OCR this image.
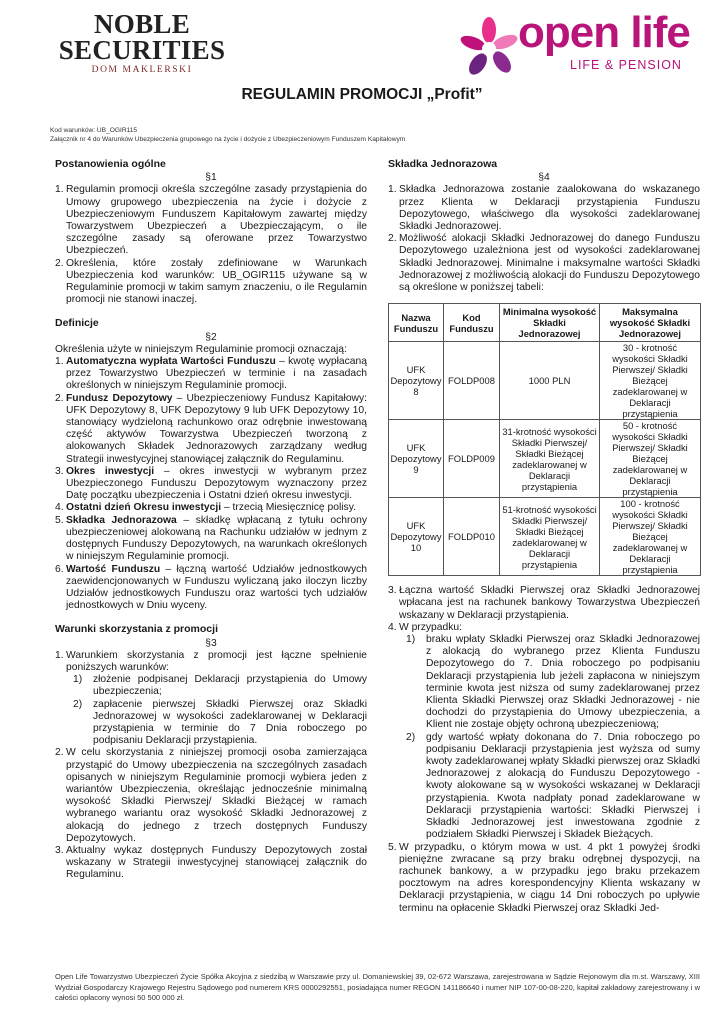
NOBLE
SECURITIES
DOM MAKLERSKI
open life
LIFE & PENSION
REGULAMIN PROMOCJI „Profit”
Kod warunków: UB_OGIR115
Załącznik nr 4 do Warunków Ubezpieczenia grupowego na życie i dożycie z Ubezpieczeniowym Funduszem Kapitałowym
Postanowienia ogólne
§1
1. Regulamin promocji określa szczególne zasady przystąpienia do Umowy grupowego ubezpieczenia na życie i dożycie z Ubezpieczeniowym Funduszem Kapitałowym zawartej między Towarzystwem Ubezpieczeń a Ubezpieczającym, o ile szczególne zasady są oferowane przez Towarzystwo Ubezpieczeń.
2. Określenia, które zostały zdefiniowane w Warunkach Ubezpieczenia kod warunków: UB_OGIR115 używane są w Regulaminie promocji w takim samym znaczeniu, o ile Regulamin promocji nie stanowi inaczej.
Definicje
§2
Określenia użyte w niniejszym Regulaminie promocji oznaczają:
1. Automatyczna wypłata Wartości Funduszu – kwotę wypłacaną przez Towarzystwo Ubezpieczeń w terminie i na zasadach określonych w niniejszym Regulaminie promocji.
2. Fundusz Depozytowy – Ubezpieczeniowy Fundusz Kapitałowy: UFK Depozytowy 8, UFK Depozytowy 9 lub UFK Depozytowy 10, stanowiący wydzieloną rachunkowo oraz odrębnie inwestowaną część aktywów Towarzystwa Ubezpieczeń tworzoną z alokowanych Składek Jednorazowych zarządzany według Strategii inwestycyjnej stanowiącej załącznik do Regulaminu.
3. Okres inwestycji – okres inwestycji w wybranym przez Ubezpieczonego Funduszu Depozytowym wyznaczony przez Datę początku ubezpieczenia i Ostatni dzień okresu inwestycji.
4. Ostatni dzień Okresu inwestycji – trzecią Miesięcznicę polisy.
5. Składka Jednorazowa – składkę wpłacaną z tytułu ochrony ubezpieczeniowej alokowaną na Rachunku udziałów w jednym z dostępnych Funduszy Depozytowych, na warunkach określonych w niniejszym Regulaminie promocji.
6. Wartość Funduszu – łączną wartość Udziałów jednostkowych zaewidencjonowanych w Funduszu wyliczaną jako iloczyn liczby Udziałów jednostkowych Funduszu oraz wartości tych udziałów jednostkowych w Dniu wyceny.
Warunki skorzystania z promocji
§3
1. Warunkiem skorzystania z promocji jest łączne spełnienie poniższych warunków:
1)	złożenie podpisanej Deklaracji przystąpienia do Umowy ubezpieczenia;
2)	zapłacenie pierwszej Składki Pierwszej oraz Składki Jednorazowej w wysokości zadeklarowanej w Deklaracji przystąpienia w terminie do 7 Dnia roboczego po podpisaniu Deklaracji przystąpienia.
2. W celu skorzystania z niniejszej promocji osoba zamierzająca przystąpić do Umowy ubezpieczenia na szczególnych zasadach opisanych w niniejszym Regulaminie promocji wybiera jeden z wariantów Ubezpieczenia, określając jednocześnie minimalną wysokość Składki Pierwszej/ Składki Bieżącej w ramach wybranego wariantu oraz wysokość Składki Jednorazowej z alokacją do jednego z trzech dostępnych Funduszy Depozytowych.
3. Aktualny wykaz dostępnych Funduszy Depozytowych został wskazany w Strategii inwestycyjnej stanowiącej załącznik do Regulaminu.
Składka Jednorazowa
§4
1. Składka Jednorazowa zostanie zaalokowana do wskazanego przez Klienta w Deklaracji przystąpienia Funduszu Depozytowego, właściwego dla wysokości zadeklarowanej Składki Jednorazowej.
2. Możliwość alokacji Składki Jednorazowej do danego Funduszu Depozytowego uzależniona jest od wysokości zadeklarowanej Składki Jednorazowej. Minimalne i maksymalne wartości Składki Jednorazowej z możliwością alokacji do Funduszu Depozytowego są określone w poniższej tabeli:
Nazwa Funduszu	Kod Funduszu	Minimalna wysokość Składki Jednorazowej	Maksymalna wysokość Składki Jednorazowej
UFK Depozytowy 8	FOLDP008	1000 PLN	30 - krotność wysokości Składki Pierwszej/ Składki Bieżącej zadeklarowanej w Deklaracji przystąpienia
UFK Depozytowy 9	FOLDP009	31-krotność wysokości Składki Pierwszej/ Składki Bieżącej zadeklarowanej w Deklaracji przystąpienia	50 - krotność wysokości Składki Pierwszej/ Składki Bieżącej zadeklarowanej w Deklaracji przystąpienia
UFK Depozytowy 10	FOLDP010	51-krotność wysokości Składki Pierwszej/ Składki Bieżącej zadeklarowanej w Deklaracji przystąpienia	100 - krotność wysokości Składki Pierwszej/ Składki Bieżącej zadeklarowanej w Deklaracji przystąpienia
3. Łączna wartość Składki Pierwszej oraz Składki Jednorazowej wpłacana jest na rachunek bankowy Towarzystwa Ubezpieczeń wskazany w Deklaracji przystąpienia.
4. W przypadku:
1)	braku wpłaty Składki Pierwszej oraz Składki Jednorazowej z alokacją do wybranego przez Klienta Funduszu Depozytowego do 7. Dnia roboczego po podpisaniu Deklaracji przystąpienia lub jeżeli zapłacona w niniejszym terminie kwota jest niższa od sumy zadeklarowanej przez Klienta Składki Pierwszej oraz Składki Jednorazowej - nie dochodzi do przystąpienia do Umowy ubezpieczenia, a Klient nie zostaje objęty ochroną ubezpieczeniową;
2)	gdy wartość wpłaty dokonana do 7. Dnia roboczego po podpisaniu Deklaracji przystąpienia jest wyższa od sumy kwoty zadeklarowanej wpłaty Składki pierwszej oraz Składki Jednorazowej z alokacją do Funduszu Depozytowego - kwoty alokowane są w wysokości wskazanej w Deklaracji przystąpienia. Kwota nadpłaty ponad zadeklarowane w Deklaracji przystąpienia wartości: Składki Pierwszej i Składki Jednorazowej jest inwestowana zgodnie z podziałem Składki Pierwszej i Składek Bieżących.
5. W przypadku, o którym mowa w ust. 4 pkt 1 powyżej środki pieniężne zwracane są przy braku odrębnej dyspozycji, na rachunek bankowy, a w przypadku jego braku przekazem pocztowym na adres korespondencyjny Klienta wskazany w Deklaracji przystąpienia, w ciągu 14 Dni roboczych po upływie terminu na opłacenie Składki Pierwszej oraz Składki Jed-
Open Life Towarzystwo Ubezpieczeń Życie Spółka Akcyjna z siedzibą w Warszawie przy ul. Domaniewskiej 39, 02-672 Warszawa, zarejestrowana w Sądzie Rejonowym dla m.st. Warszawy, XIII Wydział Gospodarczy Krajowego Rejestru Sądowego pod numerem KRS 0000292551, posiadająca numer REGON 141186640 i numer NIP 107-00-08-220, kapitał zakładowy zarejestrowany i w całości opłacony wynosi 50 500 000 zł.
